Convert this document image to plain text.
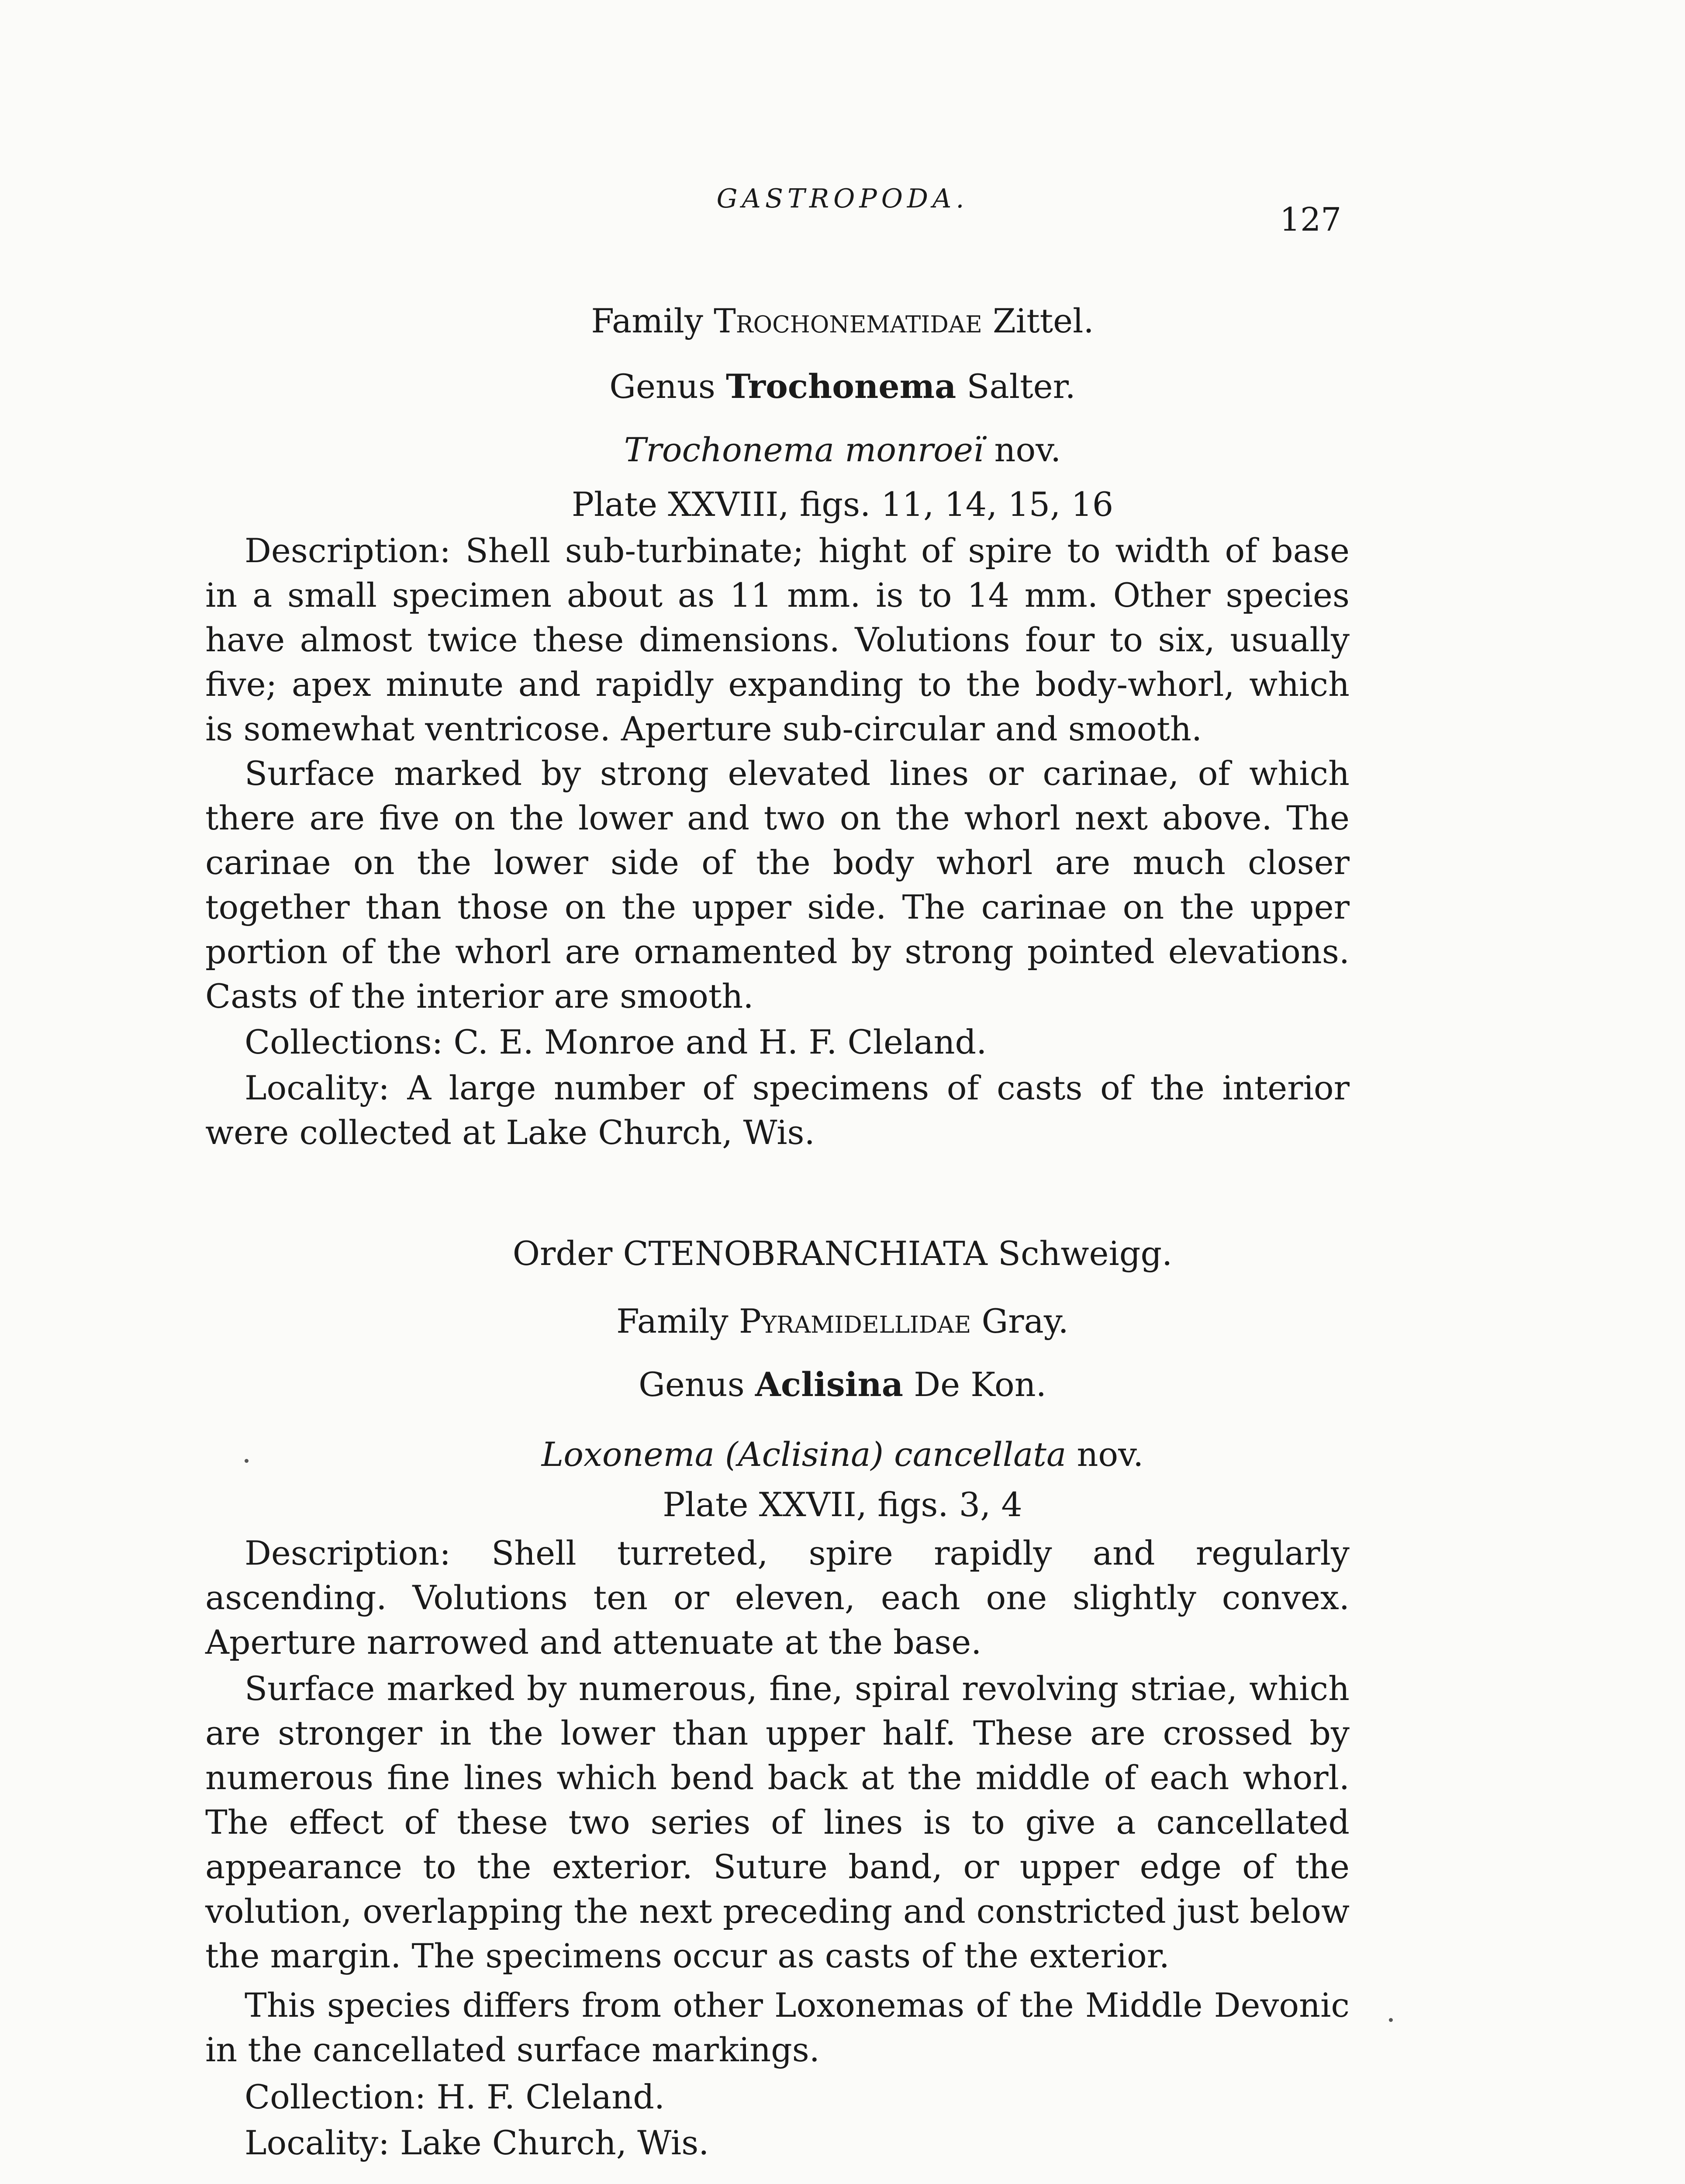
GASTROPODA.
127
Family Trochonematidae Zittel.
Genus Trochonema Salter.
Trochonema monroeï nov.
Plate XXVIII, figs. 11, 14, 15, 16

Description: Shell sub-turbinate; hight of spire to width of base in a small specimen about as 11 mm. is to 14 mm. Other species have almost twice these dimensions. Volutions four to six, usually five; apex minute and rapidly expanding to the body-whorl, which is somewhat ventricose. Aperture sub-circular and smooth.

Surface marked by strong elevated lines or carinae, of which there are five on the lower and two on the whorl next above. The carinae on the lower side of the body whorl are much closer together than those on the upper side. The carinae on the upper portion of the whorl are ornamented by strong pointed elevations. Casts of the interior are smooth.

Collections: C. E. Monroe and H. F. Cleland.

Locality: A large number of specimens of casts of the interior were collected at Lake Church, Wis.

Order CTENOBRANCHIATA Schweigg.
Family Pyramidellidae Gray.
Genus Aclisina De Kon.
Loxonema (Aclisina) cancellata nov.
Plate XXVII, figs. 3, 4

Description: Shell turreted, spire rapidly and regularly ascending. Volutions ten or eleven, each one slightly convex. Aperture narrowed and attenuate at the base.

Surface marked by numerous, fine, spiral revolving striae, which are stronger in the lower than upper half. These are crossed by numerous fine lines which bend back at the middle of each whorl. The effect of these two series of lines is to give a cancellated appearance to the exterior. Suture band, or upper edge of the volution, overlapping the next preceding and constricted just below the margin. The specimens occur as casts of the exterior.

This species differs from other Loxonemas of the Middle Devonic in the cancellated surface markings.

Collection: H. F. Cleland.

Locality: Lake Church, Wis.
